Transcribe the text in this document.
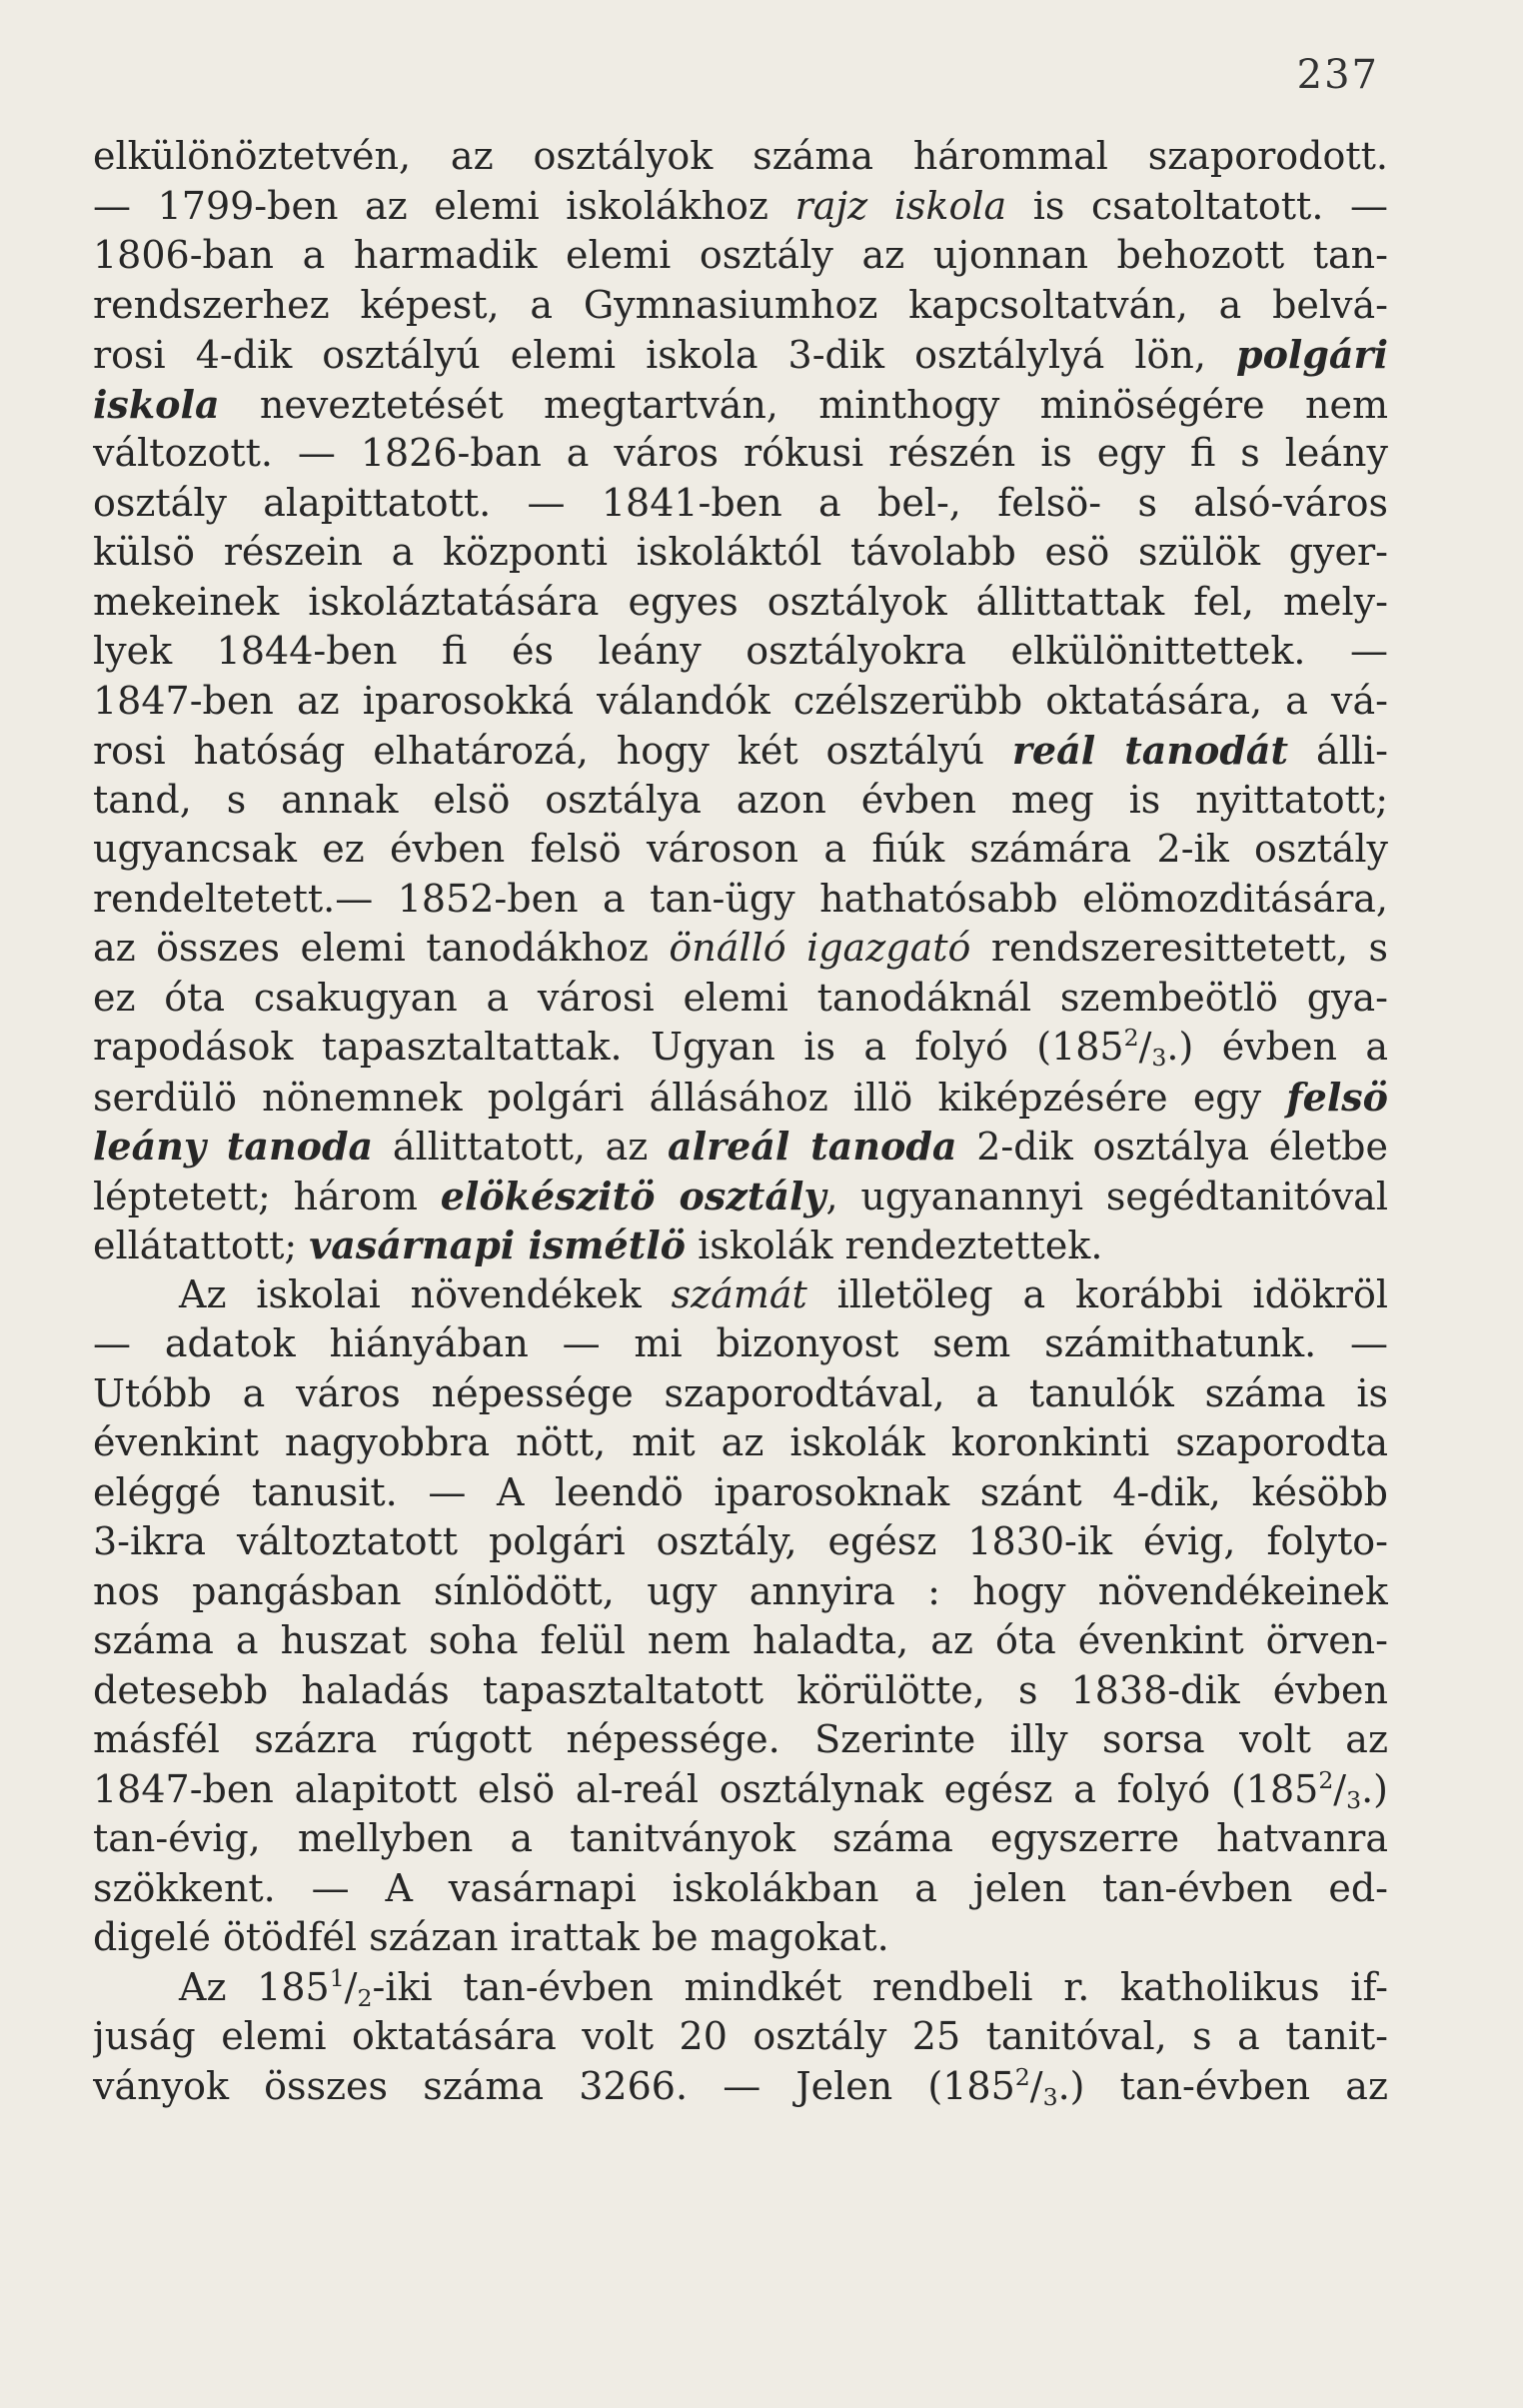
237
elkülönöztetvén, az osztályok száma hárommal szaporodott.
— 1799-ben az elemi iskolákhoz rajz iskola is csatoltatott. —
1806-ban a harmadik elemi osztály az ujonnan behozott tan-
rendszerhez képest, a Gymnasiumhoz kapcsoltatván, a belvá-
rosi 4-dik osztályú elemi iskola 3-dik osztálylyá lön, polgári
iskola neveztetését megtartván, minthogy minöségére nem
változott. — 1826-ban a város rókusi részén is egy fi s leány
osztály alapittatott. — 1841-ben a bel-, felsö- s alsó-város
külsö részein a központi iskoláktól távolabb esö szülök gyer-
mekeinek iskoláztatására egyes osztályok állittattak fel, mely-
lyek 1844-ben fi és leány osztályokra elkülönittettek. —
1847-ben az iparosokká válandók czélszerübb oktatására, a vá-
rosi hatóság elhatározá, hogy két osztályú reál tanodát álli-
tand, s annak elsö osztálya azon évben meg is nyittatott;
ugyancsak ez évben felsö városon a fiúk számára 2-ik osztály
rendeltetett.— 1852-ben a tan-ügy hathatósabb elömozditására,
az összes elemi tanodákhoz önálló igazgató rendszeresittetett, s
ez óta csakugyan a városi elemi tanodáknál szembeötlö gya-
rapodások tapasztaltattak. Ugyan is a folyó $(185^2/3.)$ évben a
serdülö nönemnek polgári állásához illö kiképzésére egy felsö
leány tanoda állittatott, az alreál tanoda 2-dik osztálya életbe
léptetett; három elökészitö osztály, ugyanannyi segédtanitóval
ellátattott; vasárnapi ismétlö iskolák rendeztettek.
Az iskolai növendékek számát illetöleg a korábbi idökröl
— adatok hiányában — mi bizonyost sem számithatunk. —
Utóbb a város népessége szaporodtával, a tanulók száma is
évenkint nagyobbra nött, mit az iskolák koronkinti szaporodta
eléggé tanusit. — A leendö iparosoknak szánt 4-dik, késöbb
3-ikra változtatott polgári osztály, egész 1830-ik évig, folyto-
nos pangásban sínlödött, ugy annyira : hogy növendékeinek
száma a huszat soha felül nem haladta, az óta évenkint örven-
detesebb haladás tapasztaltatott körülötte, s 1838-dik évben
másfél százra rúgott népessége. Szerinte illy sorsa volt az
1847-ben alapitott elsö al-reál osztálynak egész a folyó $(185^2/3.)$
tan-évig, mellyben a tanitványok száma egyszerre hatvanra
szökkent. — A vasárnapi iskolákban a jelen tan-évben ed-
digelé ötödfél százan irattak be magokat.
Az $185^1/2$-iki tan-évben mindkét rendbeli r. katholikus if-
juság elemi oktatására volt 20 osztály 25 tanitóval, s a tanit-
ványok összes száma 3266. — Jelen $(185^2/3.)$ tan-évben az
